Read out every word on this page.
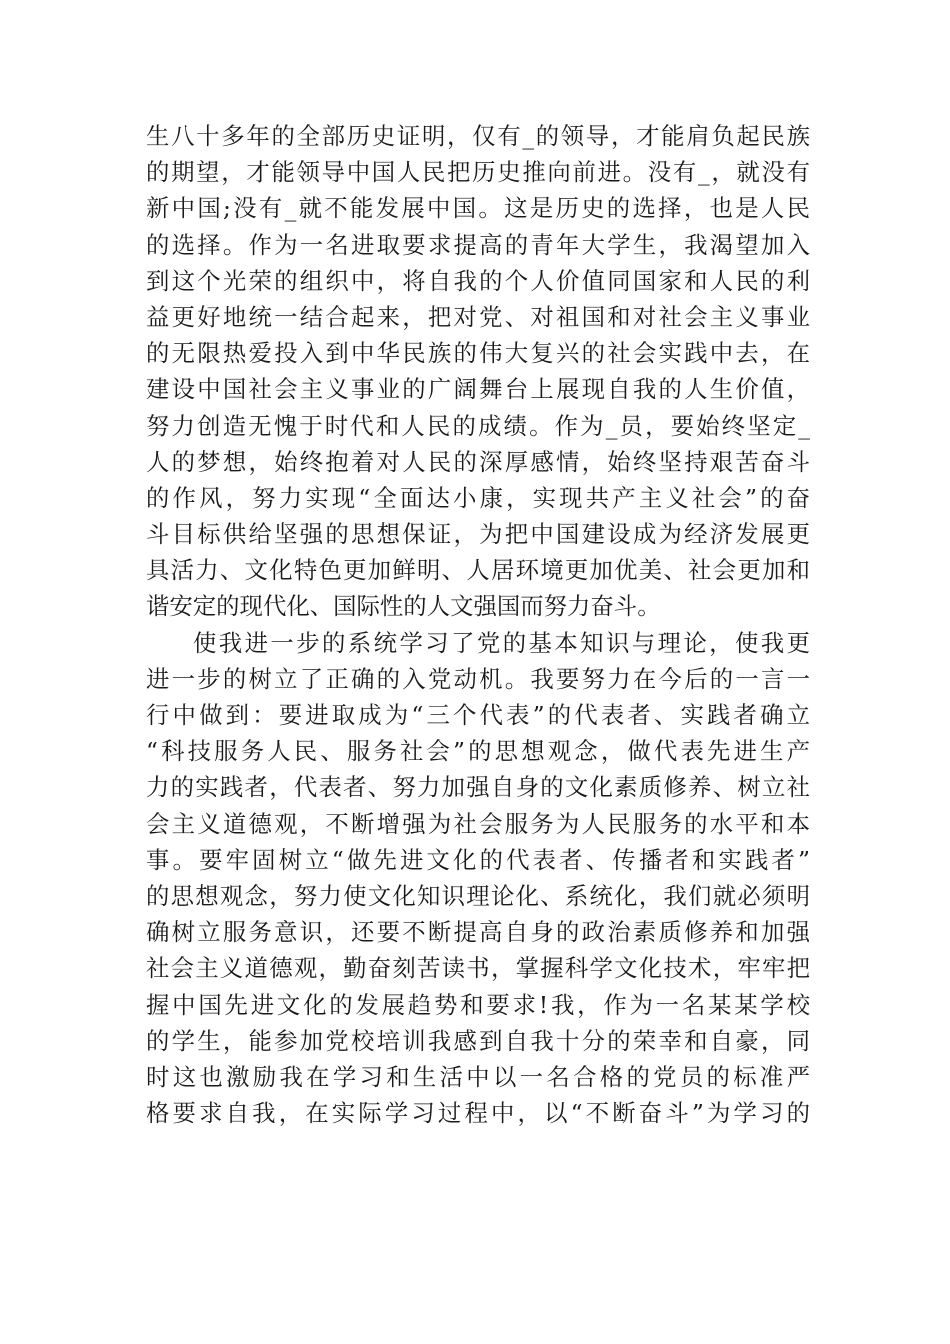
生八十多年的全部历史证明，仅有_的领导，才能肩负起民族
的期望，才能领导中国人民把历史推向前进。没有_，就没有
新中国;没有_就不能发展中国。这是历史的选择，也是人民
的选择。作为一名进取要求提高的青年大学生，我渴望加入
到这个光荣的组织中，将自我的个人价值同国家和人民的利
益更好地统一结合起来，把对党、对祖国和对社会主义事业
的无限热爱投入到中华民族的伟大复兴的社会实践中去，在
建设中国社会主义事业的广阔舞台上展现自我的人生价值，
努力创造无愧于时代和人民的成绩。作为_员，要始终坚定_
人的梦想，始终抱着对人民的深厚感情，始终坚持艰苦奋斗
的作风，努力实现“全面达小康，实现共产主义社会”的奋
斗目标供给坚强的思想保证，为把中国建设成为经济发展更
具活力、文化特色更加鲜明、人居环境更加优美、社会更加和
谐安定的现代化、国际性的人文强国而努力奋斗。
使我进一步的系统学习了党的基本知识与理论，使我更
进一步的树立了正确的入党动机。我要努力在今后的一言一
行中做到：要进取成为“三个代表”的代表者、实践者确立
“科技服务人民、服务社会”的思想观念，做代表先进生产
力的实践者，代表者、努力加强自身的文化素质修养、树立社
会主义道德观，不断增强为社会服务为人民服务的水平和本
事。要牢固树立“做先进文化的代表者、传播者和实践者”
的思想观念，努力使文化知识理论化、系统化，我们就必须明
确树立服务意识，还要不断提高自身的政治素质修养和加强
社会主义道德观，勤奋刻苦读书，掌握科学文化技术，牢牢把
握中国先进文化的发展趋势和要求!我，作为一名某某学校
的学生，能参加党校培训我感到自我十分的荣幸和自豪，同
时这也激励我在学习和生活中以一名合格的党员的标准严
格要求自我，在实际学习过程中，以“不断奋斗”为学习的
